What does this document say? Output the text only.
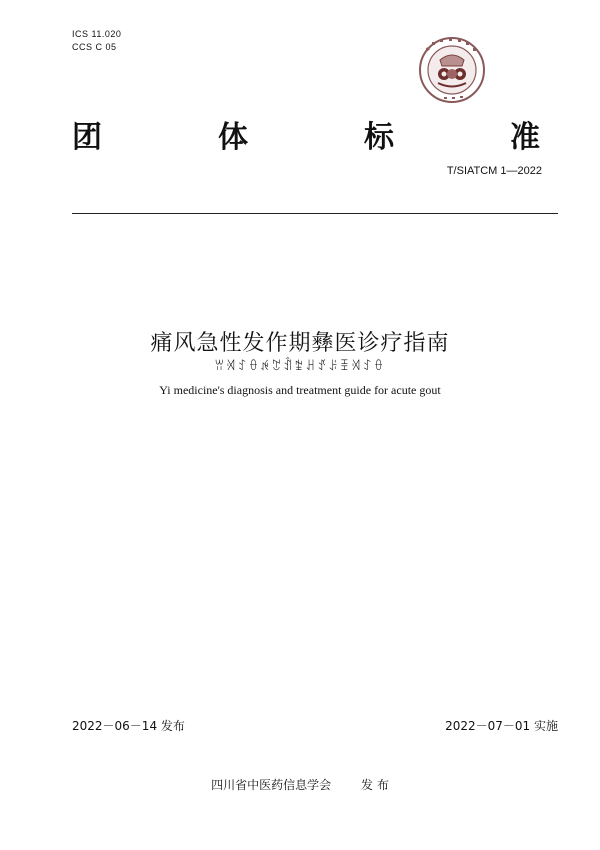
ICS 11.020
CCS C 05
团	体	标	准
T/SIATCM 1—2022
痛风急性发作期彝医诊疗指南
ꀕꄉꉘꂷꉌꇖꀉꄹꃅꀋꌠꀨꄉꉘꂷ
Yi medicine's diagnosis and treatment guide for acute gout
2022－06－14 发布	2022－07－01 实施
四川省中医药信息学会 发 布
